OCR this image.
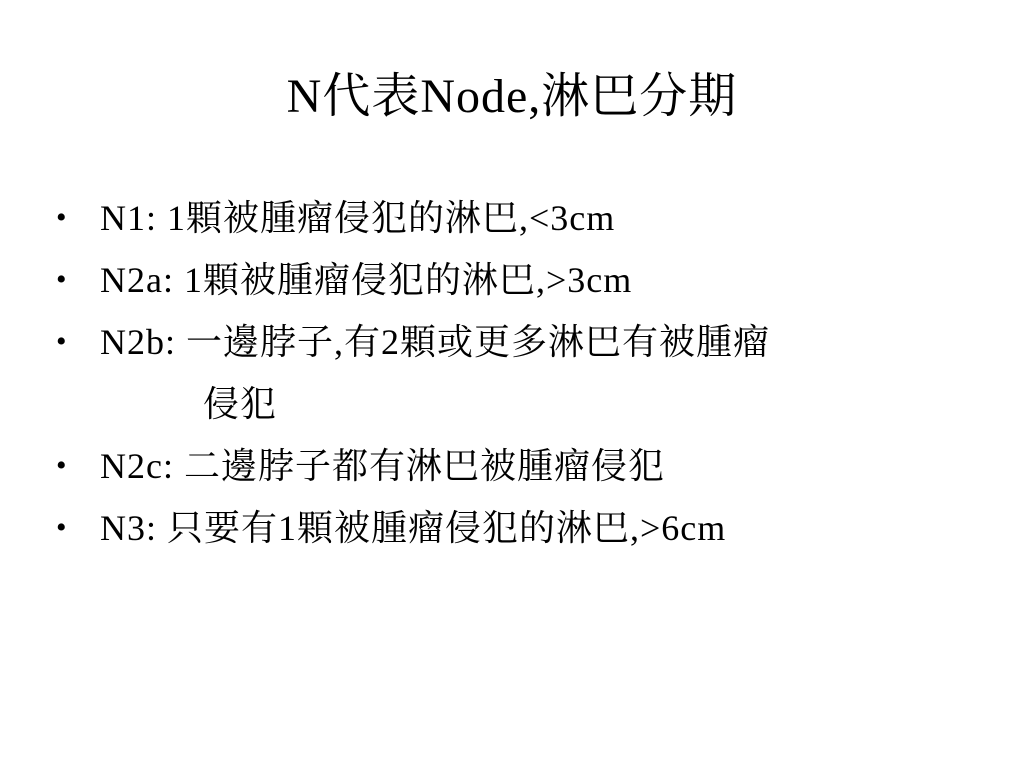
N代表Node,淋巴分期
• N1: 1顆被腫瘤侵犯的淋巴,<3cm
• N2a: 1顆被腫瘤侵犯的淋巴,>3cm
• N2b: 一邊脖子,有2顆或更多淋巴有被腫瘤
侵犯
• N2c: 二邊脖子都有淋巴被腫瘤侵犯
• N3: 只要有1顆被腫瘤侵犯的淋巴,>6cm
